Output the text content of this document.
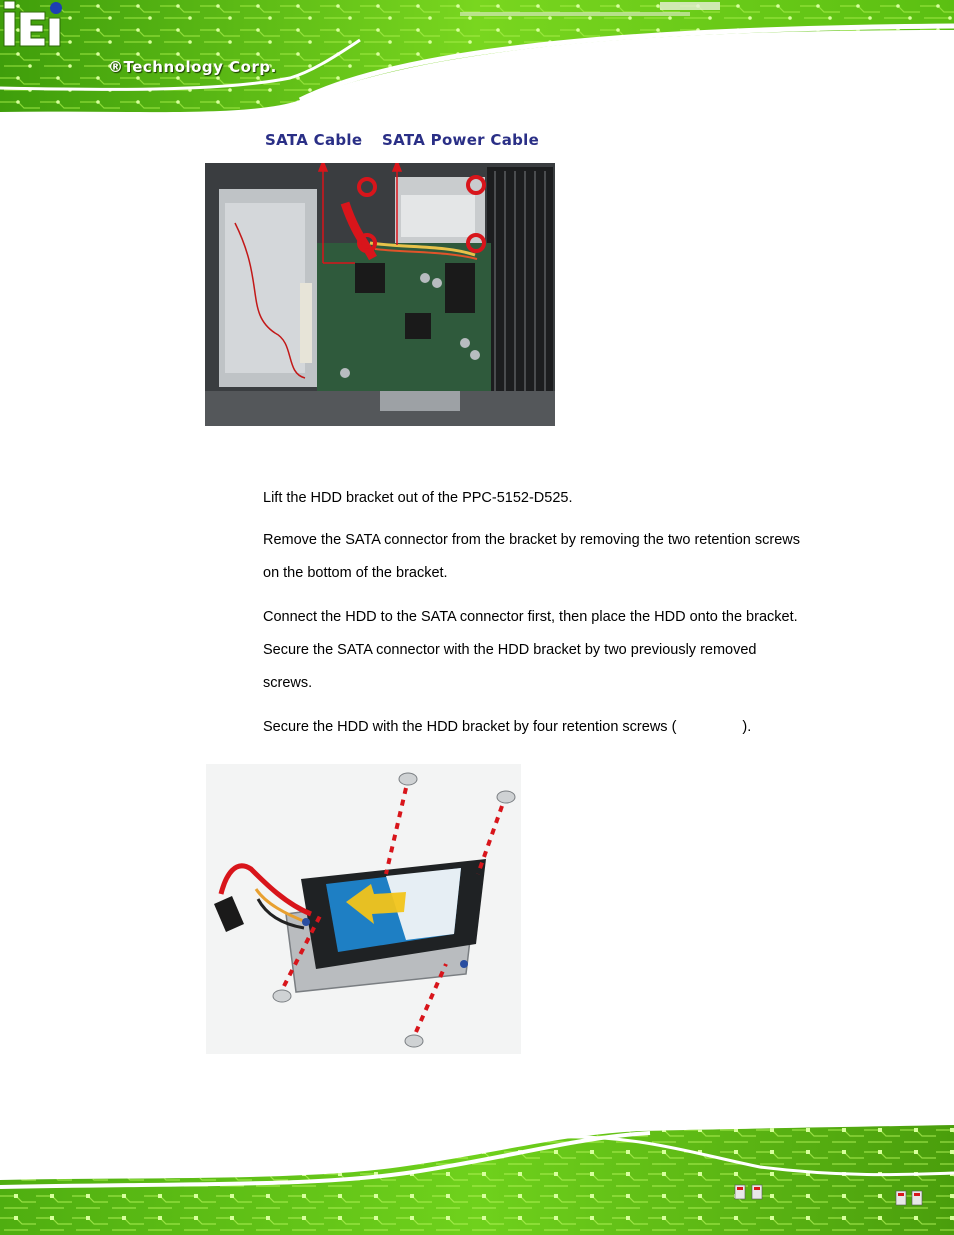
®Technology Corp.
SATA Cable SATA Power Cable
Lift the HDD bracket out of the PPC-5152-D525.
Remove the SATA connector from the bracket by removing the two retention screws on the bottom of the bracket.
Connect the HDD to the SATA connector first, then place the HDD onto the bracket. Secure the SATA connector with the HDD bracket by two previously removed screws.
Secure the HDD with the HDD bracket by four retention screws (	).
